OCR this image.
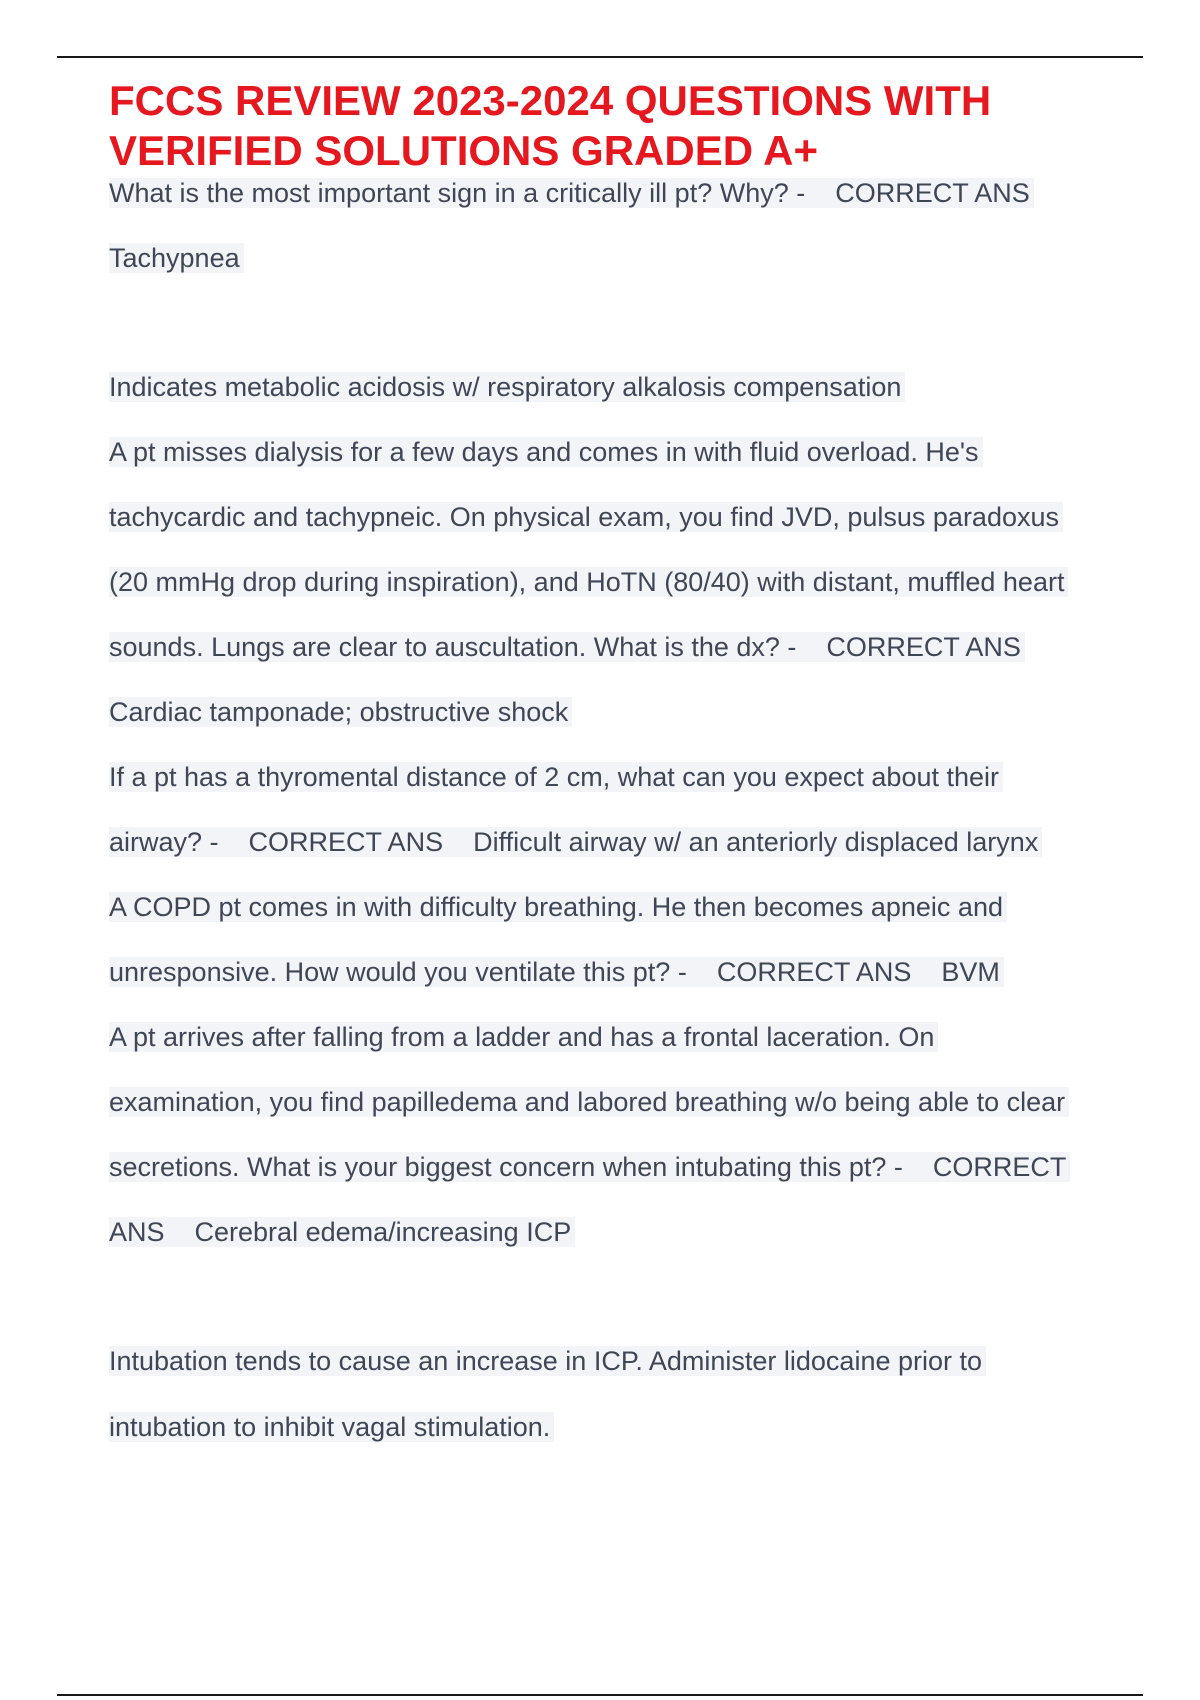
FCCS REVIEW 2023-2024 QUESTIONS WITH
VERIFIED SOLUTIONS GRADED A+
What is the most important sign in a critically ill pt? Why? -    CORRECT ANS
Tachypnea
Indicates metabolic acidosis w/ respiratory alkalosis compensation
A pt misses dialysis for a few days and comes in with fluid overload. He's
tachycardic and tachypneic. On physical exam, you find JVD, pulsus paradoxus
(20 mmHg drop during inspiration), and HoTN (80/40) with distant, muffled heart
sounds. Lungs are clear to auscultation. What is the dx? -    CORRECT ANS
Cardiac tamponade; obstructive shock
If a pt has a thyromental distance of 2 cm, what can you expect about their
airway? -    CORRECT ANS    Difficult airway w/ an anteriorly displaced larynx
A COPD pt comes in with difficulty breathing. He then becomes apneic and
unresponsive. How would you ventilate this pt? -    CORRECT ANS    BVM
A pt arrives after falling from a ladder and has a frontal laceration. On
examination, you find papilledema and labored breathing w/o being able to clear
secretions. What is your biggest concern when intubating this pt? -    CORRECT
ANS    Cerebral edema/increasing ICP
Intubation tends to cause an increase in ICP. Administer lidocaine prior to
intubation to inhibit vagal stimulation.
